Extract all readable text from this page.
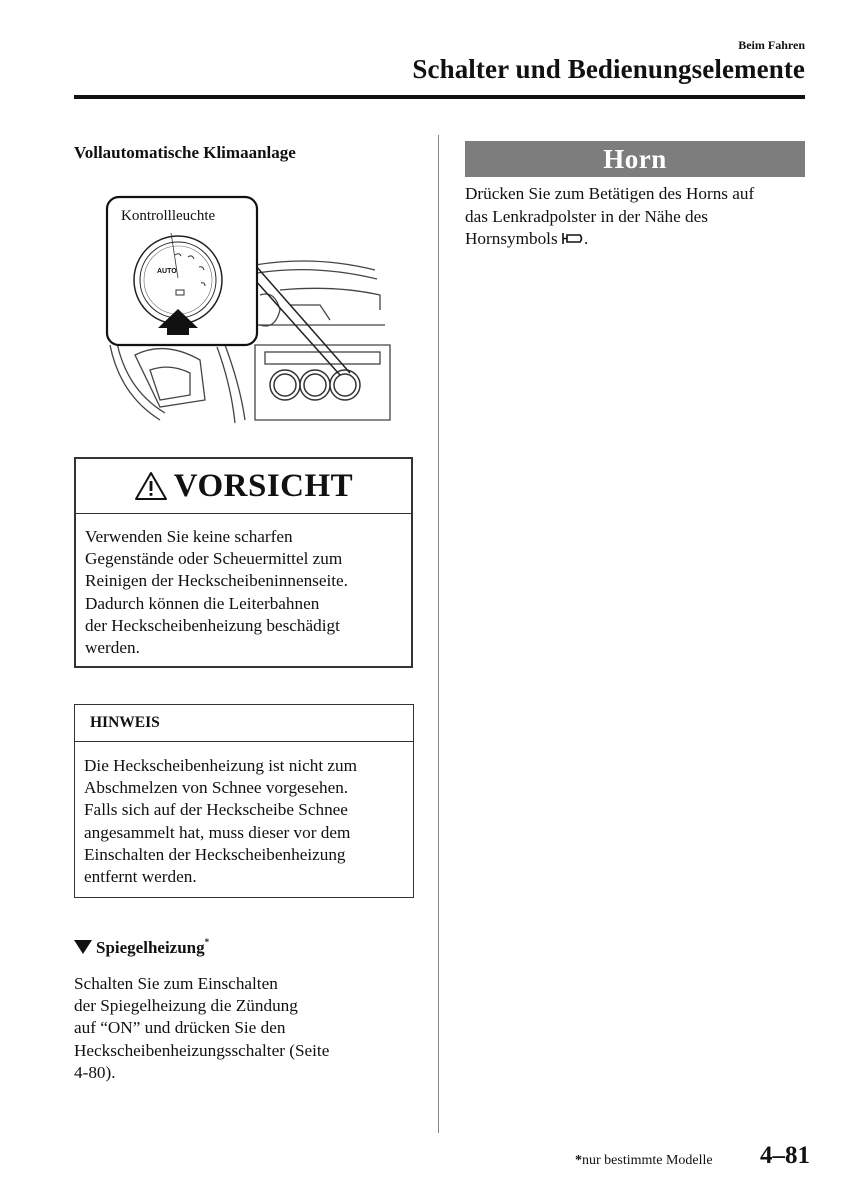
Beim Fahren
Schalter und Bedienungselemente
Vollautomatische Klimaanlage
AUTO
Kontrollleuchte
VORSICHT
Verwenden Sie keine scharfen
Gegenstände oder Scheuermittel zum
Reinigen der Heckscheibeninnenseite.
Dadurch können die Leiterbahnen
der Heckscheibenheizung beschädigt
werden.
HINWEIS
Die Heckscheibenheizung ist nicht zum
Abschmelzen von Schnee vorgesehen.
Falls sich auf der Heckscheibe Schnee
angesammelt hat, muss dieser vor dem
Einschalten der Heckscheibenheizung
entfernt werden.
Spiegelheizung*
Schalten Sie zum Einschalten
der Spiegelheizung die Zündung
auf “ON” und drücken Sie den
Heckscheibenheizungsschalter (Seite
4-80).
Horn
Drücken Sie zum Betätigen des Horns auf
das Lenkradpolster in der Nähe des
Hornsymbols .
*nur bestimmte Modelle 4–81
